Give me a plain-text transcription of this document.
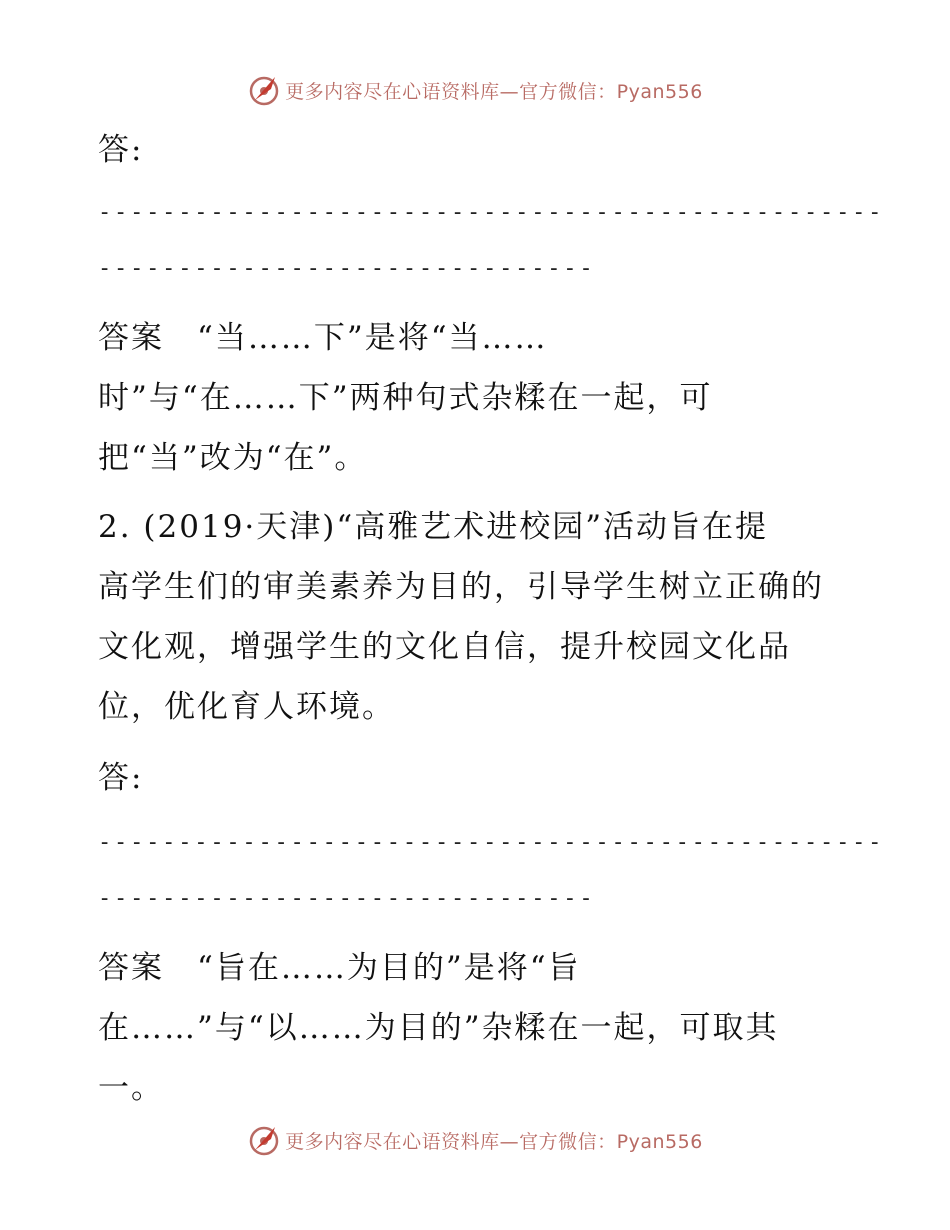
更多内容尽在心语资料库—官方微信：Pyan556
答:
-------------------------------------------------
-------------------------------
答案　“当……下”是将“当……
时”与“在……下”两种句式杂糅在一起，可
把“当”改为“在”。
2. (2019·天津)“高雅艺术进校园”活动旨在提
高学生们的审美素养为目的，引导学生树立正确的
文化观，增强学生的文化自信，提升校园文化品
位，优化育人环境。
答:
-------------------------------------------------
-------------------------------
答案　“旨在……为目的”是将“旨
在……”与“以……为目的”杂糅在一起，可取其
一。
更多内容尽在心语资料库—官方微信：Pyan556
